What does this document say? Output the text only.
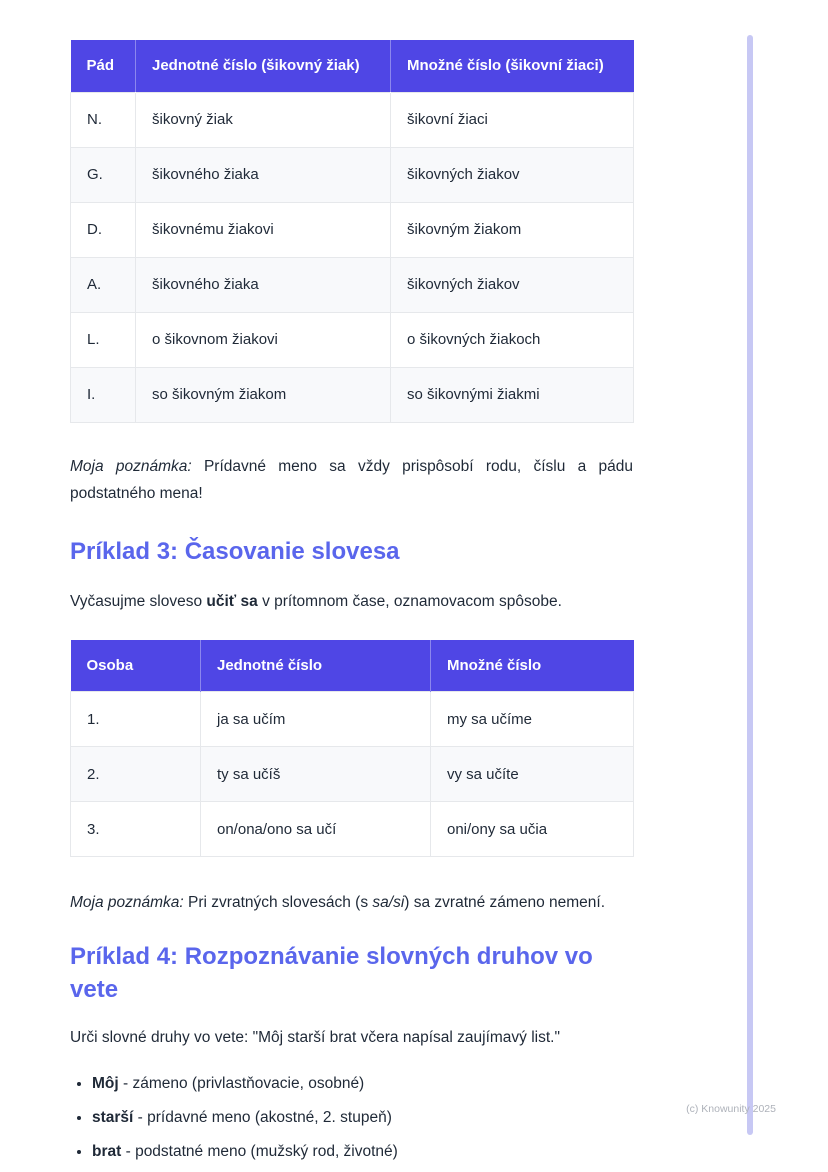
Pád	Jednotné číslo (šikovný žiak)	Množné číslo (šikovní žiaci)
N.	šikovný žiak	šikovní žiaci
G.	šikovného žiaka	šikovných žiakov
D.	šikovnému žiakovi	šikovným žiakom
A.	šikovného žiaka	šikovných žiakov
L.	o šikovnom žiakovi	o šikovných žiakoch
I.	so šikovným žiakom	so šikovnými žiakmi

Moja poznámka: Prídavné meno sa vždy prispôsobí rodu, číslu a pádu podstatného mena!

Príklad 3: Časovanie slovesa

Vyčasujme sloveso učiť sa v prítomnom čase, oznamovacom spôsobe.

Osoba	Jednotné číslo	Množné číslo
1.	ja sa učím	my sa učíme
2.	ty sa učíš	vy sa učíte
3.	on/ona/ono sa učí	oni/ony sa učia

Moja poznámka: Pri zvratných slovesách (s sa/si) sa zvratné zámeno nemení.

Príklad 4: Rozpoznávanie slovných druhov vo vete

Urči slovné druhy vo vete: "Môj starší brat včera napísal zaujímavý list."

• Môj - zámeno (privlastňovacie, osobné)
• starší - prídavné meno (akostné, 2. stupeň)
• brat - podstatné meno (mužský rod, životné)
(c) Knowunity 2025
